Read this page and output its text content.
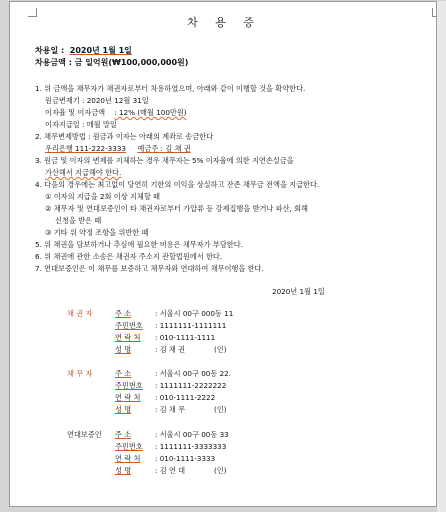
차 용 증
차용일 : 2020년 1월 1일
차용금액 : 금 일억원(₩100,000,000원)
1. 위 금액을 채무자가 채권자로부터 차용하였으며, 아래와 같이 이행할 것을 확약한다.
원금변제기 : 2020년 12월 31일
이자율 및 이자금액 : 12% (매월 100만원)
이자지급일 : 매월 말일
2. 채무변제방법 : 원금과 이자는 아래의 계좌로 송금한다
우리은행 111-222-3333 예금주 : 김 채 권
3. 원금 및 이자의 변제를 지체하는 경우 채무자는 5% 이자율에 의한 지연손실금을
가산해서 지급해야 한다.
4. 다음의 경우에는 최고없이 당연히 기한의 이익을 상실하고 잔존 채무금 전액을 지급한다.
① 이자의 지급을 2회 이상 지체할 때
② 채무자 및 연대보증인이 타 채권자로부터 가압류 등 강제집행을 받거나 파산, 회해
신청을 받은 때
③ 기타 위 약정 조항을 위반한 때
5. 위 채권을 담보하거나 추심에 필요한 비용은 채무자가 부담한다.
6. 위 채권에 관한 소송은 채권자 주소지 관할법원에서 한다.
7. 연대보증인은 이 채무를 보증하고 채무자와 연대하여 채무이행을 한다.
2020년 1월 1일
채 권 자	주 소	: 서울시 00구 000동 11
주민번호 : 1111111-1111111
연 락 처 : 010-1111-1111
성 명	: 김 채 권	(인)
채 무 자	주 소	: 서울시 00구 00동 22.
주민번호 : 1111111-2222222
연 락 처 : 010-1111-2222
성 명	: 김 채 무	(인)
연대보증인 주 소	: 서울시 00구 00동 33
주민번호 : 1111111-3333333
연 락 처 : 010-1111-3333
성 명	: 김 연 대	(인)
